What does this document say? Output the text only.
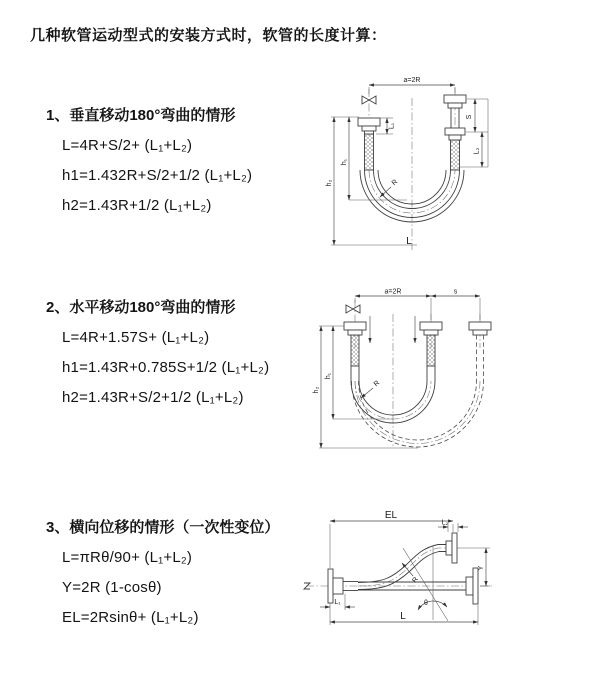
几种软管运动型式的安装方式时，软管的长度计算：
1、垂直移动180°弯曲的情形
L=4R+S/2+ (L₁+L₂)
h1=1.432R+S/2+1/2 (L₁+L₂)
h2=1.43R+1/2 (L₁+L₂)
2、水平移动180°弯曲的情形
L=4R+1.57S+ (L₁+L₂)
h1=1.43R+0.785S+1/2 (L₁+L₂)
h2=1.43R+S/2+1/2 (L₁+L₂)
3、横向位移的情形（一次性变位）
L=πRθ/90+ (L₁+L₂)
Y=2R (1-cosθ)
EL=2Rsinθ+ (L₁+L₂)
a=2R
S
L₂
h₁
h₂
L₁
R
L
a=2R	s
h₁
h₂
R
EL
L₂
Y
θ
R
L₁
L
